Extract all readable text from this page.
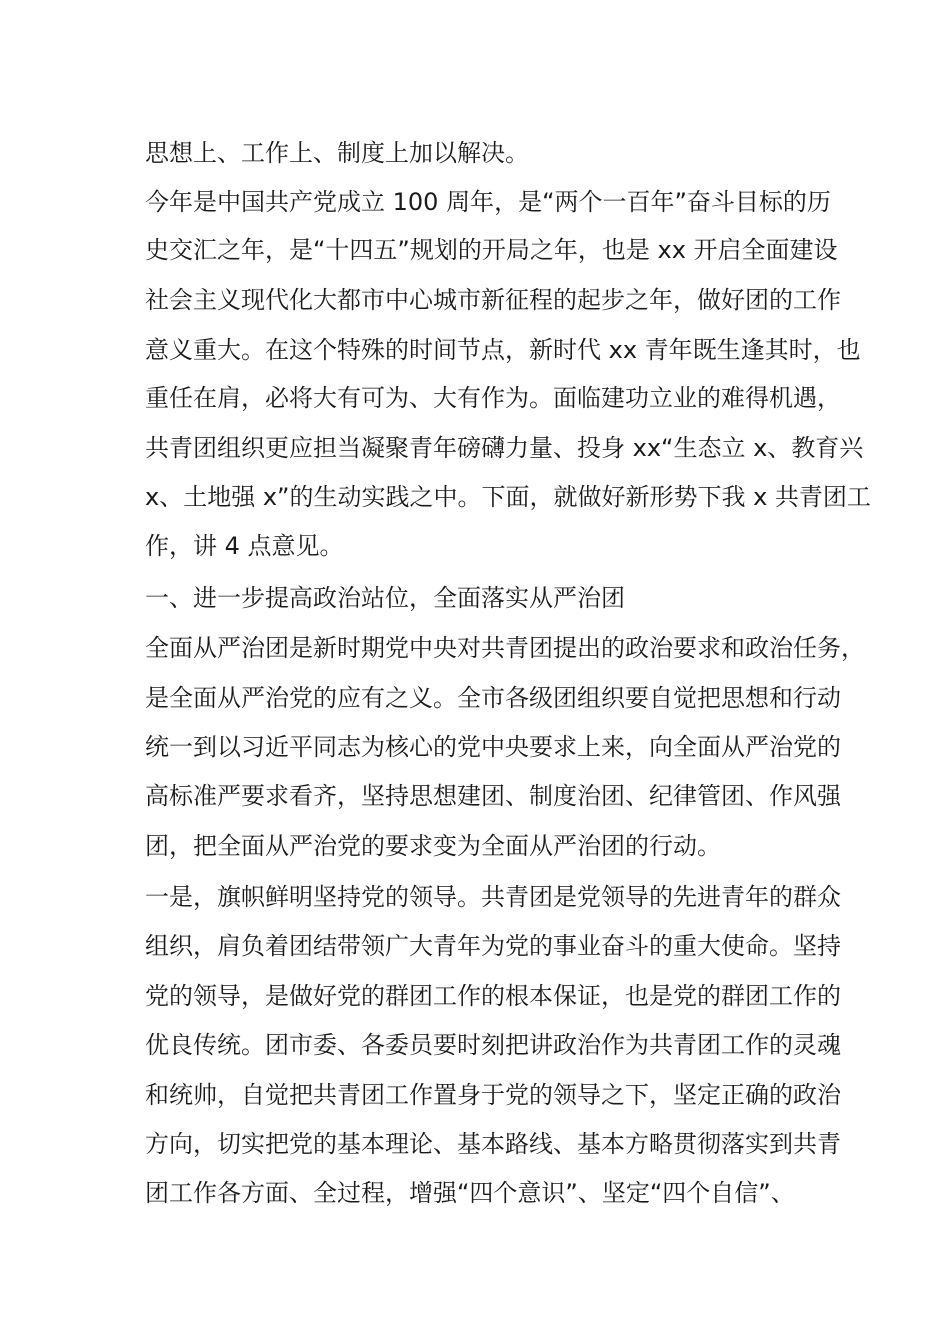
思想上、工作上、制度上加以解决。
今年是中国共产党成立 100 周年，是“两个一百年”奋斗目标的历
史交汇之年，是“十四五”规划的开局之年，也是 xx 开启全面建设
社会主义现代化大都市中心城市新征程的起步之年，做好团的工作
意义重大。在这个特殊的时间节点，新时代 xx 青年既生逢其时，也
重任在肩，必将大有可为、大有作为。面临建功立业的难得机遇，
共青团组织更应担当凝聚青年磅礴力量、投身 xx“生态立 x、教育兴
x、土地强 x”的生动实践之中。下面，就做好新形势下我 x 共青团工
作，讲 4 点意见。
一、进一步提高政治站位，全面落实从严治团
全面从严治团是新时期党中央对共青团提出的政治要求和政治任务，
是全面从严治党的应有之义。全市各级团组织要自觉把思想和行动
统一到以习近平同志为核心的党中央要求上来，向全面从严治党的
高标准严要求看齐，坚持思想建团、制度治团、纪律管团、作风强
团，把全面从严治党的要求变为全面从严治团的行动。
一是，旗帜鲜明坚持党的领导。共青团是党领导的先进青年的群众
组织，肩负着团结带领广大青年为党的事业奋斗的重大使命。坚持
党的领导，是做好党的群团工作的根本保证，也是党的群团工作的
优良传统。团市委、各委员要时刻把讲政治作为共青团工作的灵魂
和统帅，自觉把共青团工作置身于党的领导之下，坚定正确的政治
方向，切实把党的基本理论、基本路线、基本方略贯彻落实到共青
团工作各方面、全过程，增强“四个意识”、坚定“四个自信”、
